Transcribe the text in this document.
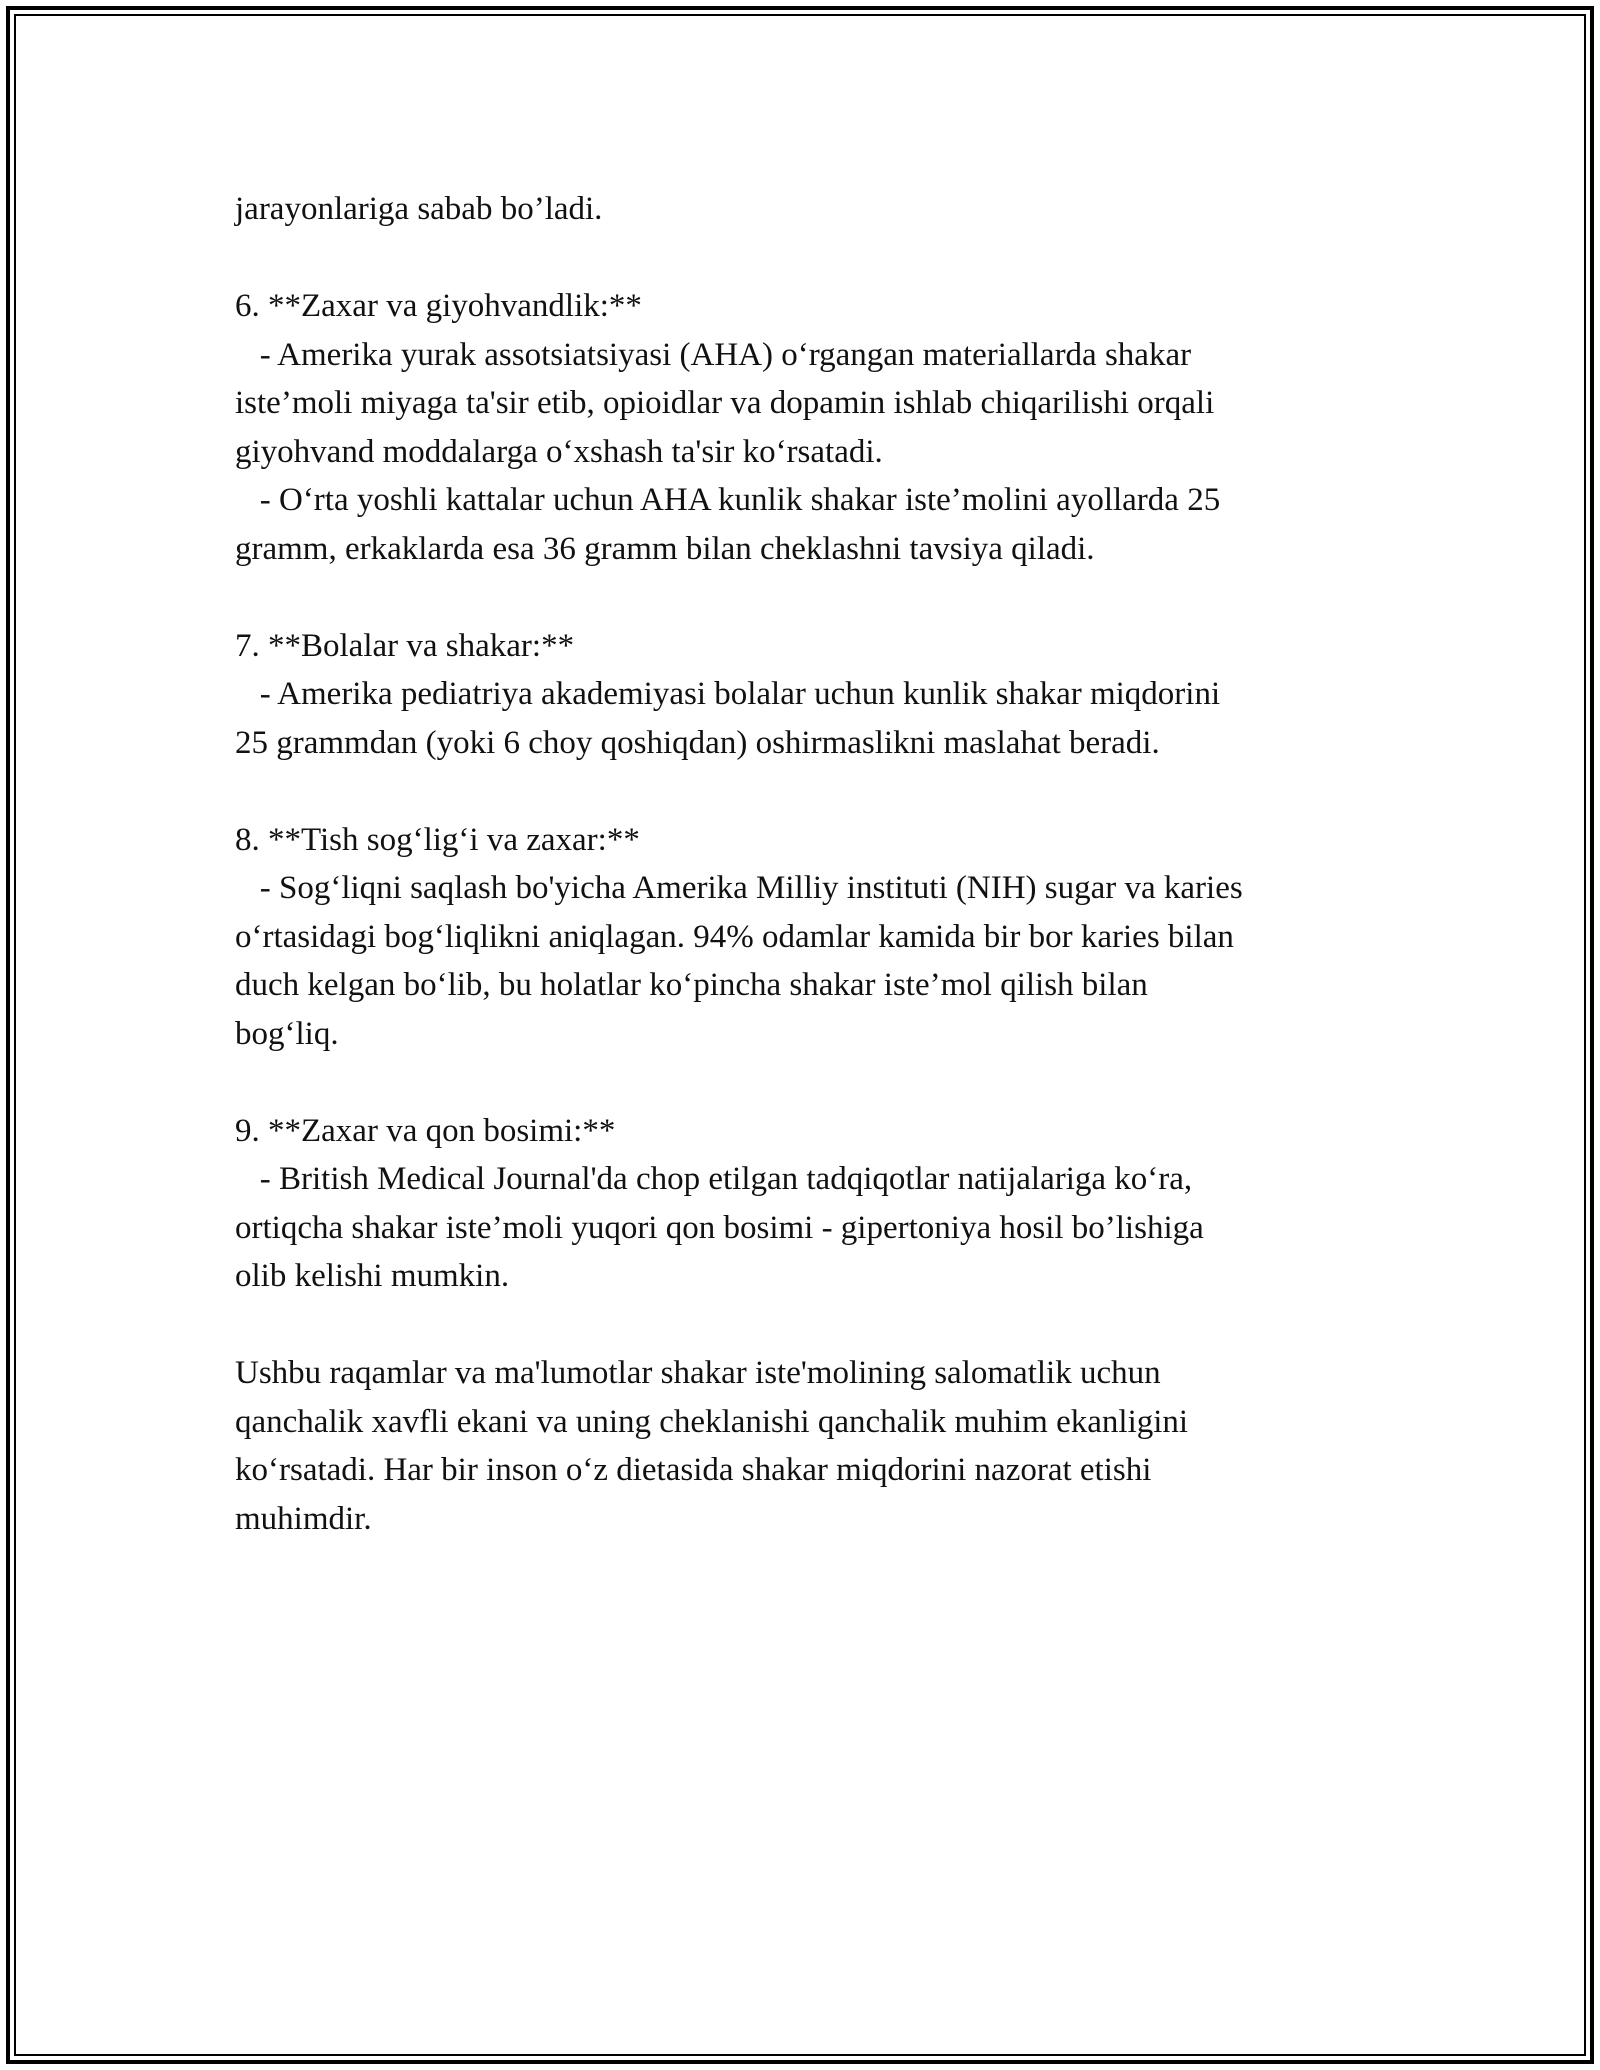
jarayonlariga sabab bo’ladi.
6. **Zaxar va giyohvandlik:**
- Amerika yurak assotsiatsiyasi (AHA) o‘rgangan materiallarda shakar
iste’moli miyaga ta'sir etib, opioidlar va dopamin ishlab chiqarilishi orqali
giyohvand moddalarga o‘xshash ta'sir ko‘rsatadi.
- O‘rta yoshli kattalar uchun AHA kunlik shakar iste’molini ayollarda 25
gramm, erkaklarda esa 36 gramm bilan cheklashni tavsiya qiladi.
7. **Bolalar va shakar:**
- Amerika pediatriya akademiyasi bolalar uchun kunlik shakar miqdorini
25 grammdan (yoki 6 choy qoshiqdan) oshirmaslikni maslahat beradi.
8. **Tish sog‘lig‘i va zaxar:**
- Sog‘liqni saqlash bo'yicha Amerika Milliy instituti (NIH) sugar va karies
o‘rtasidagi bog‘liqlikni aniqlagan. 94% odamlar kamida bir bor karies bilan
duch kelgan bo‘lib, bu holatlar ko‘pincha shakar iste’mol qilish bilan
bog‘liq.
9. **Zaxar va qon bosimi:**
- British Medical Journal'da chop etilgan tadqiqotlar natijalariga ko‘ra,
ortiqcha shakar iste’moli yuqori qon bosimi - gipertoniya hosil bo’lishiga
olib kelishi mumkin.
Ushbu raqamlar va ma'lumotlar shakar iste'molining salomatlik uchun
qanchalik xavfli ekani va uning cheklanishi qanchalik muhim ekanligini
ko‘rsatadi. Har bir inson o‘z dietasida shakar miqdorini nazorat etishi
muhimdir.
